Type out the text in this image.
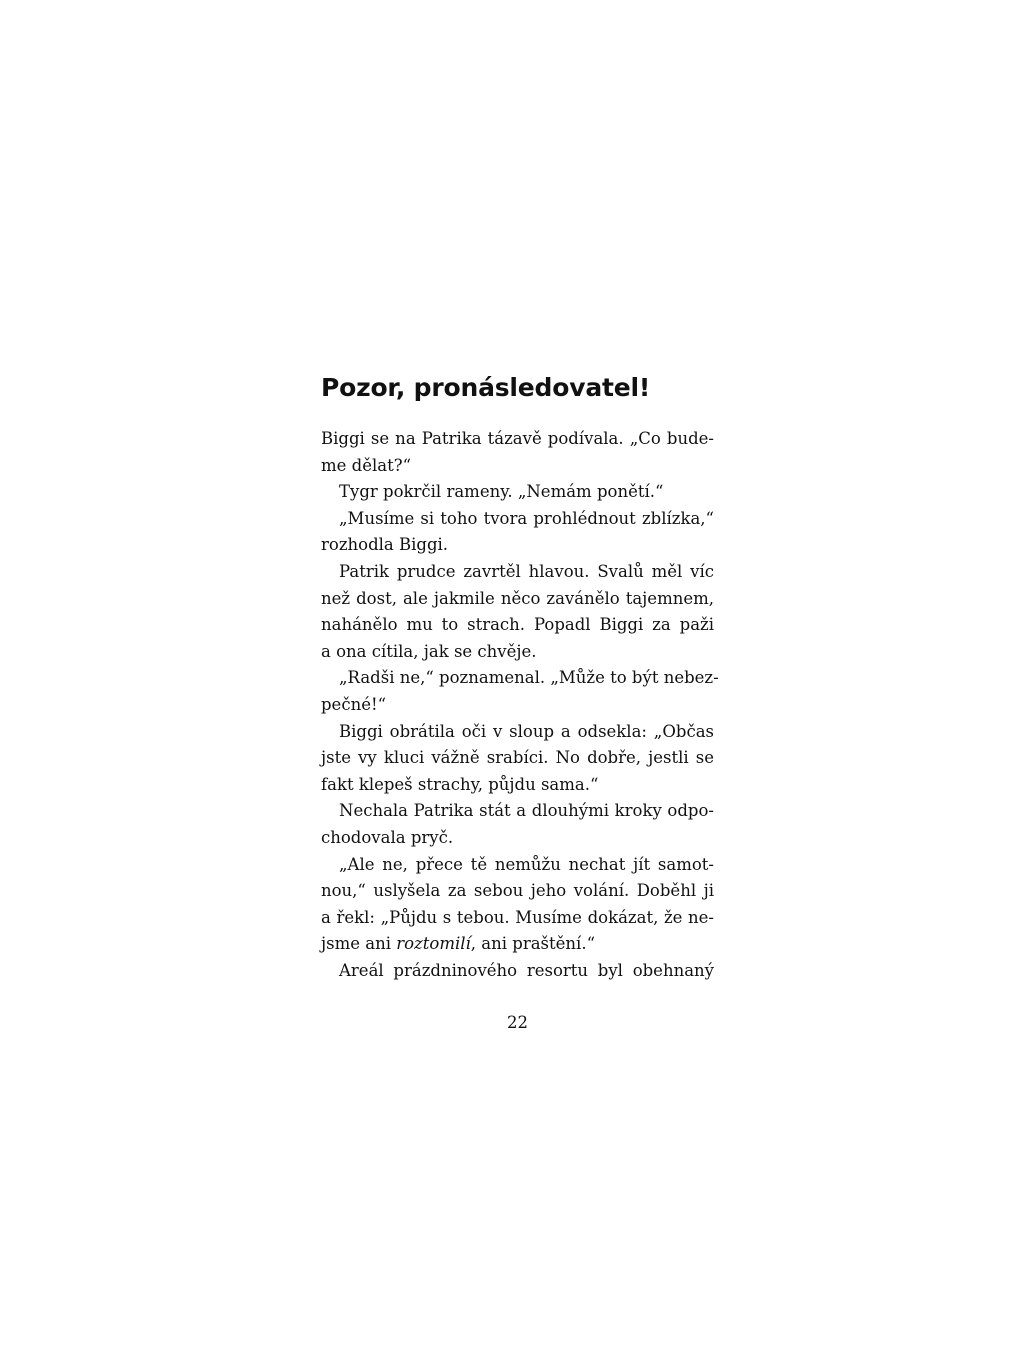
Pozor, pronásledovatel!
Biggi se na Patrika tázavě podívala. „Co bude-
me dělat?“
Tygr pokrčil rameny. „Nemám ponětí.“
„Musíme si toho tvora prohlédnout zblízka,“
rozhodla Biggi.
Patrik prudce zavrtěl hlavou. Svalů měl víc
než dost, ale jakmile něco zavánělo tajemnem,
nahánělo mu to strach. Popadl Biggi za paži
a ona cítila, jak se chvěje.
„Radši ne,“ poznamenal. „Může to být nebez-
pečné!“
Biggi obrátila oči v sloup a odsekla: „Občas
jste vy kluci vážně srabíci. No dobře, jestli se
fakt klepeš strachy, půjdu sama.“
Nechala Patrika stát a dlouhými kroky odpo-
chodovala pryč.
„Ale ne, přece tě nemůžu nechat jít samot-
nou,“ uslyšela za sebou jeho volání. Doběhl ji
a řekl: „Půjdu s tebou. Musíme dokázat, že ne-
jsme ani roztomilí, ani praštění.“
Areál prázdninového resortu byl obehnaný
22
